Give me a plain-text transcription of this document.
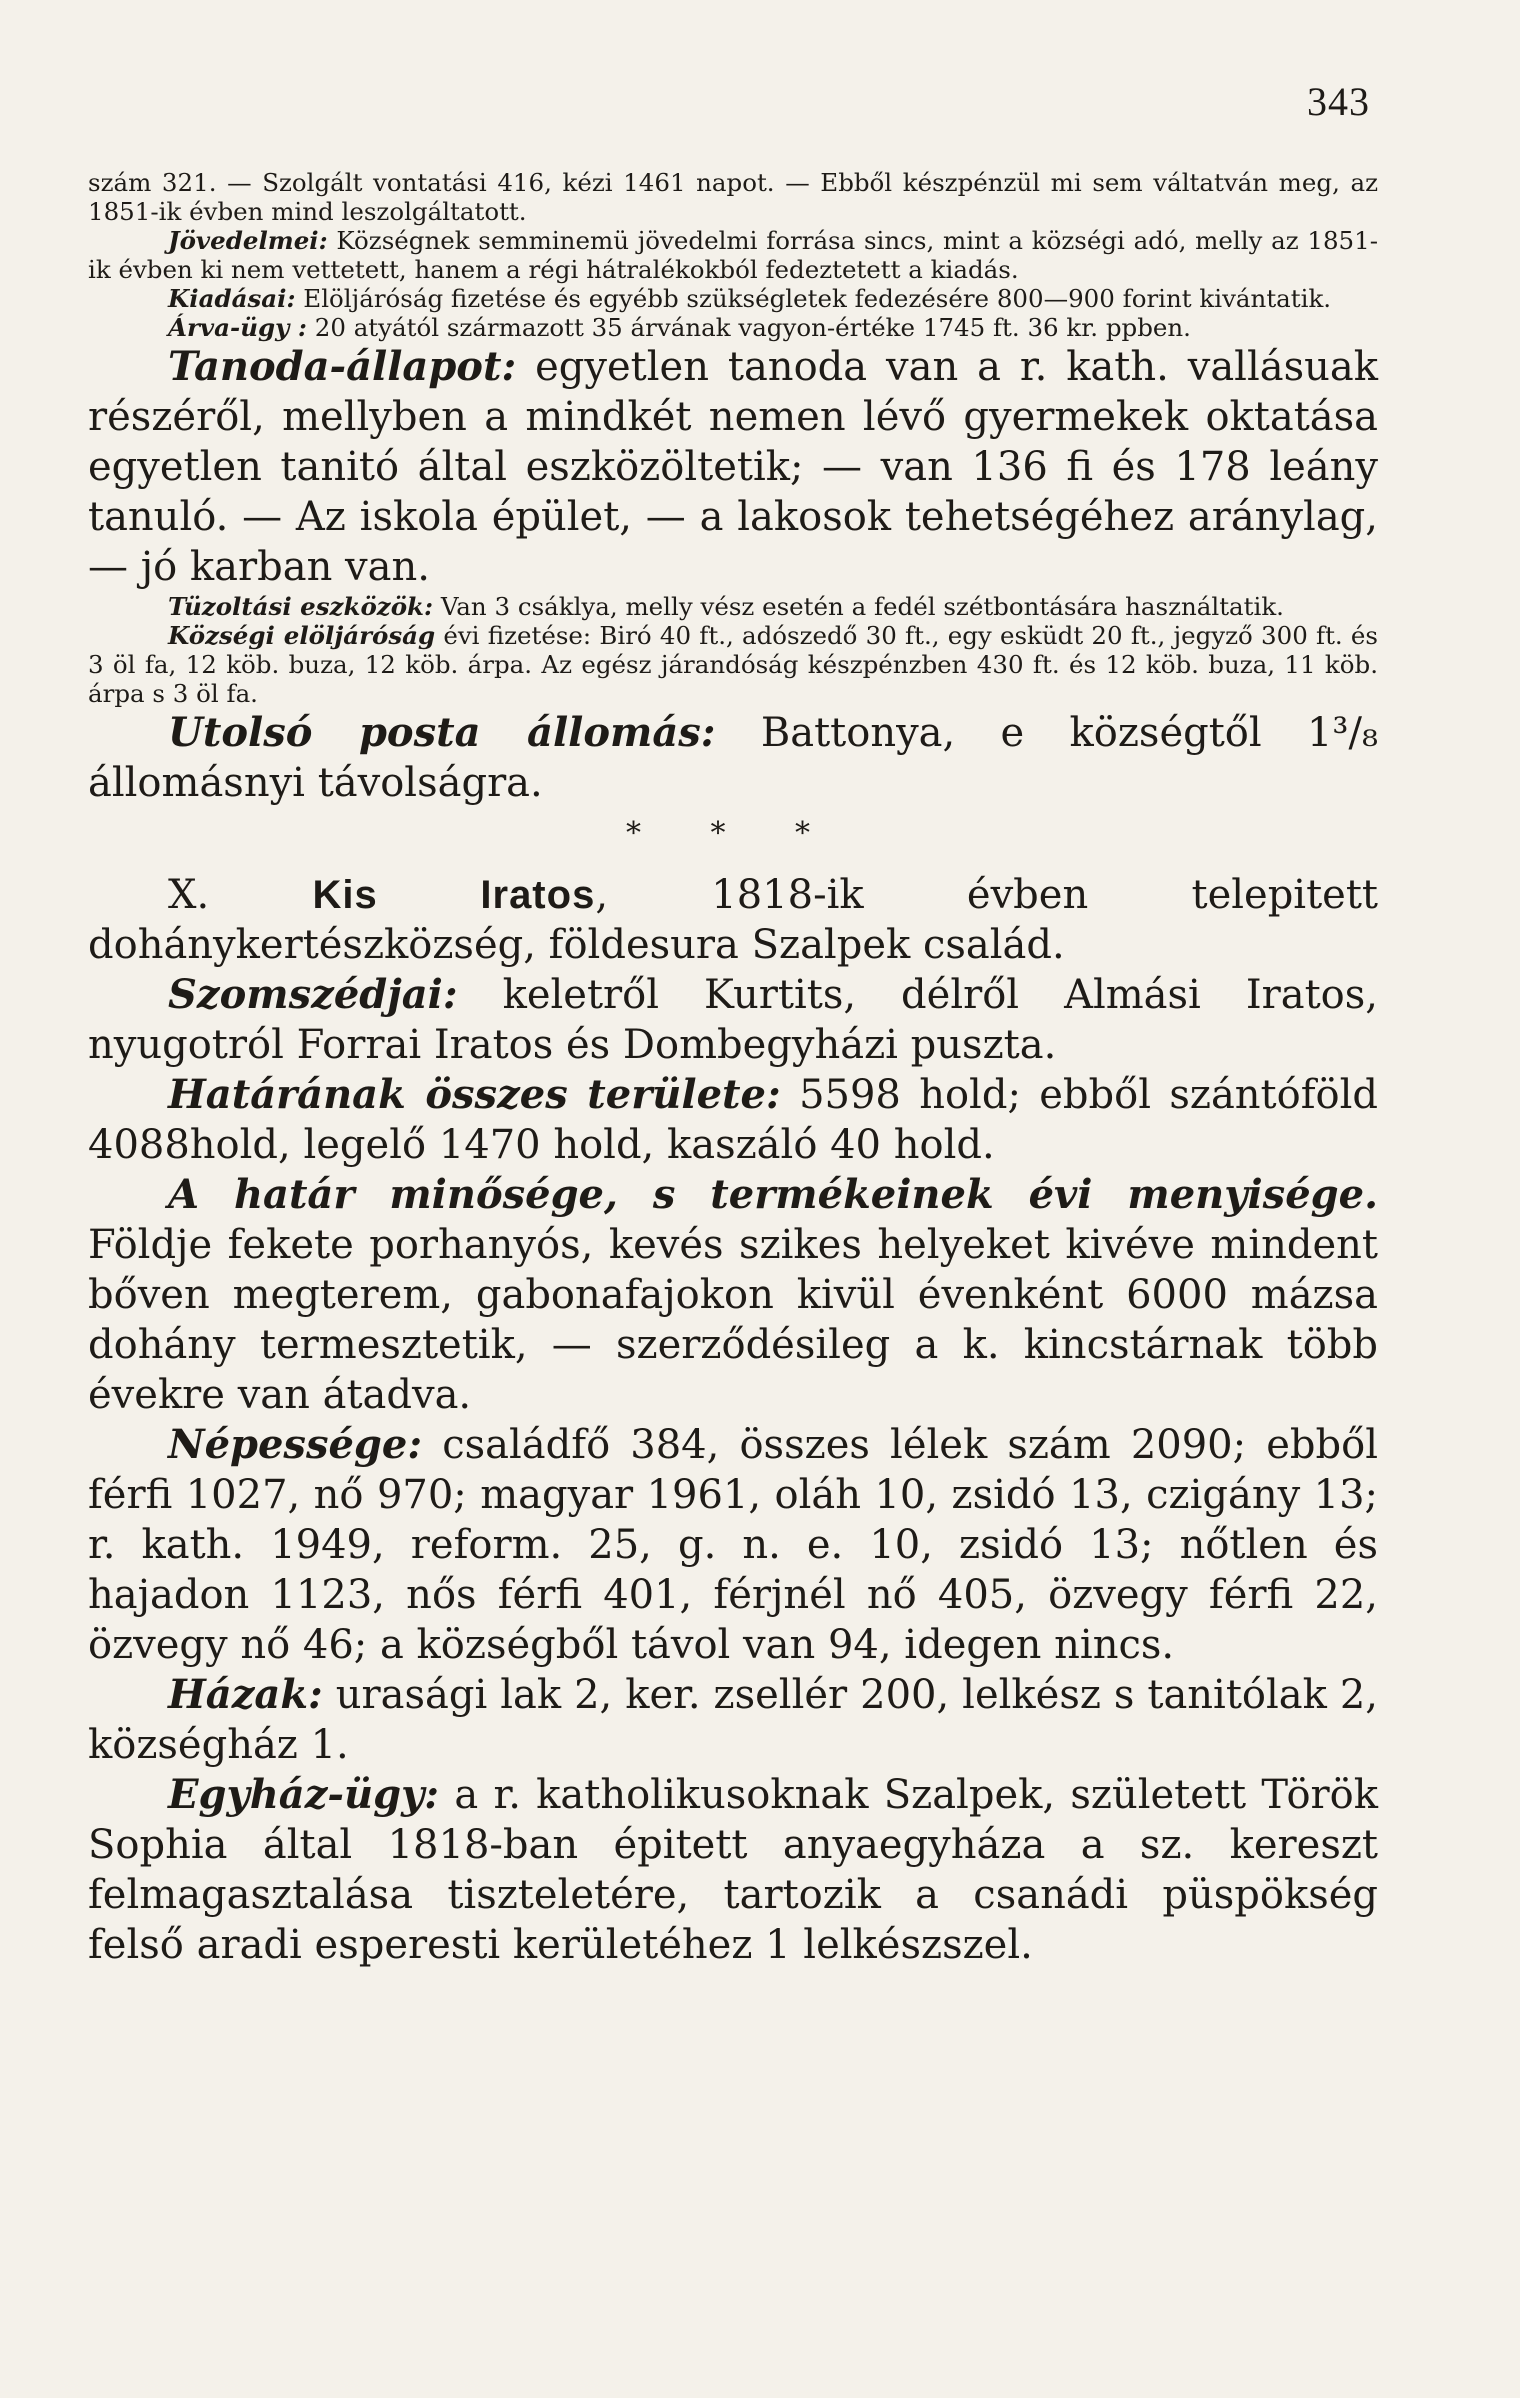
343

szám 321. — Szolgált vontatási 416, kézi 1461 napot. — Ebből készpénzül mi sem váltatván meg, az 1851-ik évben mind leszolgáltatott.

Jövedelmei: Községnek semminemü jövedelmi forrása sincs, mint a községi adó, melly az 1851-ik évben ki nem vettetett, hanem a régi hátralékokból fedeztetett a kiadás.

Kiadásai: Elöljáróság fizetése és egyébb szükségletek fedezésére 800—900 forint kivántatik.

Árva-ügy : 20 atyától származott 35 árvának vagyon-értéke 1745 ft. 36 kr. ppben.

Tanoda-állapot: egyetlen tanoda van a r. kath. vallásuak részéről, mellyben a mindkét nemen lévő gyermekek oktatása egyetlen tanitó által eszközöltetik; — van 136 fi és 178 leány tanuló. — Az iskola épület, — a lakosok tehetségéhez aránylag, — jó karban van.

Tüzoltási eszközök: Van 3 csáklya, melly vész esetén a fedél szétbontására használtatik.

Községi elöljáróság évi fizetése: Biró 40 ft., adószedő 30 ft., egy esküdt 20 ft., jegyző 300 ft. és 3 öl fa, 12 köb. buza, 12 köb. árpa. Az egész járandóság készpénzben 430 ft. és 12 köb. buza, 11 köb. árpa s 3 öl fa.

Utolsó posta állomás: Battonya, e községtől 1³/₈ állomásnyi távolságra.

* * *

X. Kis Iratos, 1818-ik évben telepitett dohánykertészközség, földesura Szalpek család.

Szomszédjai: keletről Kurtits, délről Almási Iratos, nyugotról Forrai Iratos és Dombegyházi puszta.

Határának összes területe: 5598 hold; ebből szántóföld 4088hold, legelő 1470 hold, kaszáló 40 hold.

A határ minősége, s termékeinek évi menyisége. Földje fekete porhanyós, kevés szikes helyeket kivéve mindent bőven megterem, gabonafajokon kivül évenként 6000 mázsa dohány termesztetik, — szerződésileg a k. kincstárnak több évekre van átadva.

Népessége: családfő 384, összes lélek szám 2090; ebből férfi 1027, nő 970; magyar 1961, oláh 10, zsidó 13, czigány 13; r. kath. 1949, reform. 25, g. n. e. 10, zsidó 13; nőtlen és hajadon 1123, nős férfi 401, férjnél nő 405, özvegy férfi 22, özvegy nő 46; a községből távol van 94, idegen nincs.

Házak: urasági lak 2, ker. zsellér 200, lelkész s tanitólak 2, községház 1.

Egyház-ügy: a r. katholikusoknak Szalpek, született Török Sophia által 1818-ban épitett anyaegyháza a sz. kereszt felmagasztalása tiszteletére, tartozik a csanádi püspökség felső aradi esperesti kerületéhez 1 lelkészszel.
